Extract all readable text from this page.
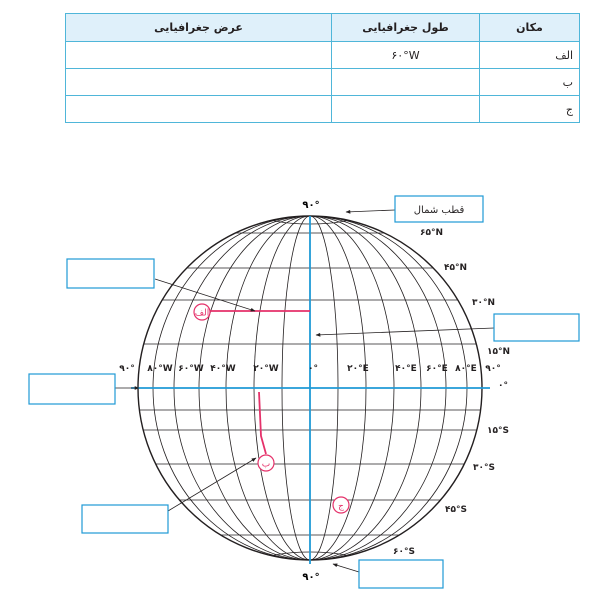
مکان	طول جغرافیایی	عرض جغرافیایی
الف	۶۰°W	
ب		
ج		
الف
ب
ج
قطب شمال
۹۰°
۹۰°
۶۵°N
۴۵°N
۳۰°N
۱۵°N
۰°
۱۵°S
۳۰°S
۴۵°S
۶۰°S
۹۰° ۸۰°W ۶۰°W ۴۰°W ۲۰°W	۰°	۲۰°E	۴۰°E ۶۰°E ۸۰°E ۹۰°
